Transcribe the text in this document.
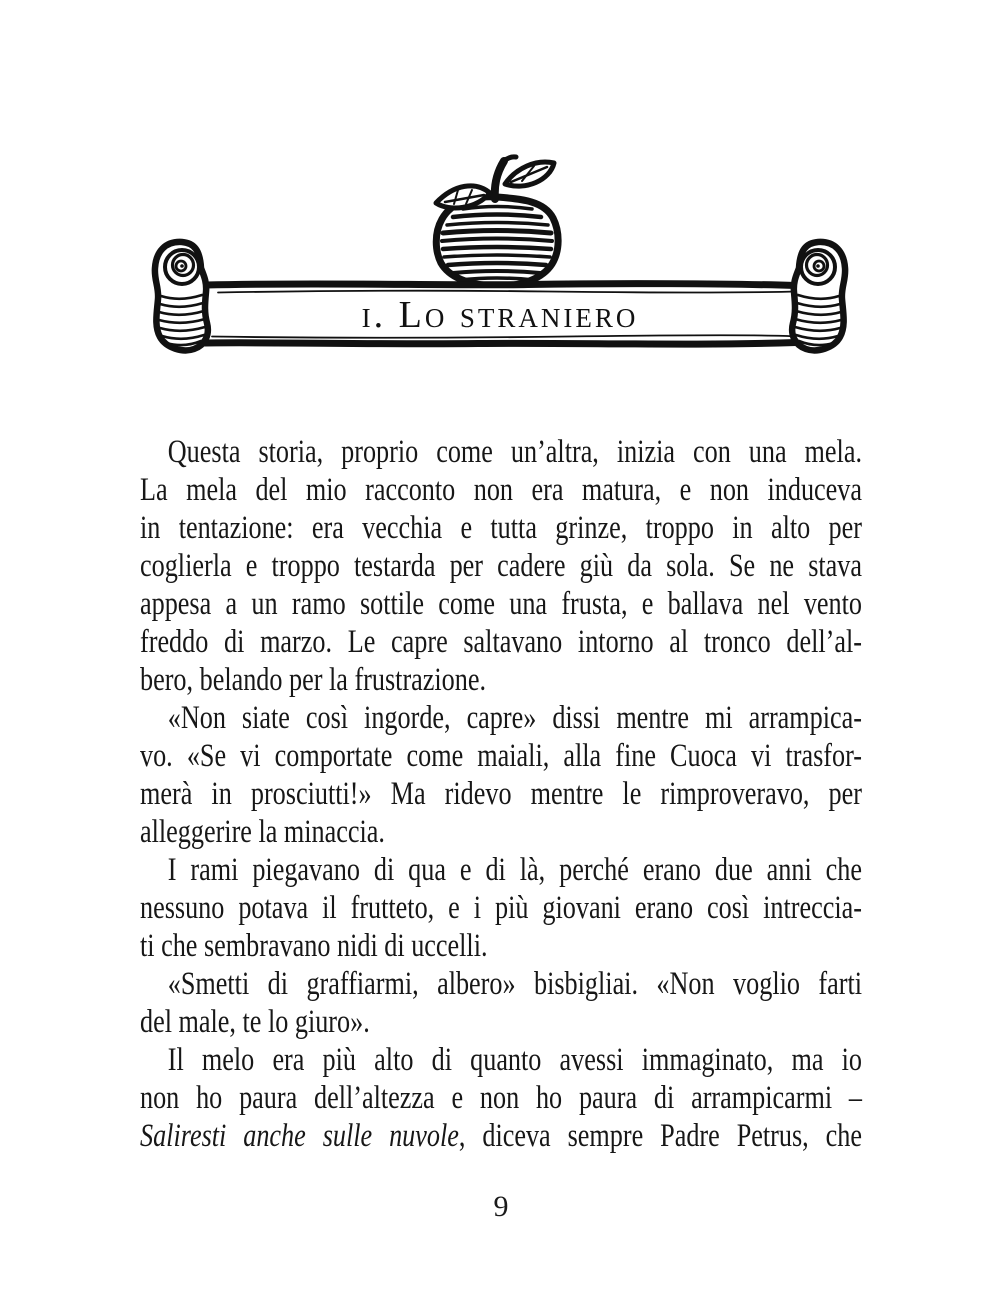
i. Lo straniero
Questa storia, proprio come un’altra, inizia con una mela.
La mela del mio racconto non era matura, e non induceva
in tentazione: era vecchia e tutta grinze, troppo in alto per
coglierla e troppo testarda per cadere giù da sola. Se ne stava
appesa a un ramo sottile come una frusta, e ballava nel vento
freddo di marzo. Le capre saltavano intorno al tronco dell’al-
bero, belando per la frustrazione.
«Non siate così ingorde, capre» dissi mentre mi arrampica-
vo. «Se vi comportate come maiali, alla fine Cuoca vi trasfor-
merà in prosciutti!» Ma ridevo mentre le rimproveravo, per
alleggerire la minaccia.
I rami piegavano di qua e di là, perché erano due anni che
nessuno potava il frutteto, e i più giovani erano così intreccia-
ti che sembravano nidi di uccelli.
«Smetti di graffiarmi, albero» bisbigliai. «Non voglio farti
del male, te lo giuro».
Il melo era più alto di quanto avessi immaginato, ma io
non ho paura dell’altezza e non ho paura di arrampicarmi –
Saliresti anche sulle nuvole, diceva sempre Padre Petrus, che
9
